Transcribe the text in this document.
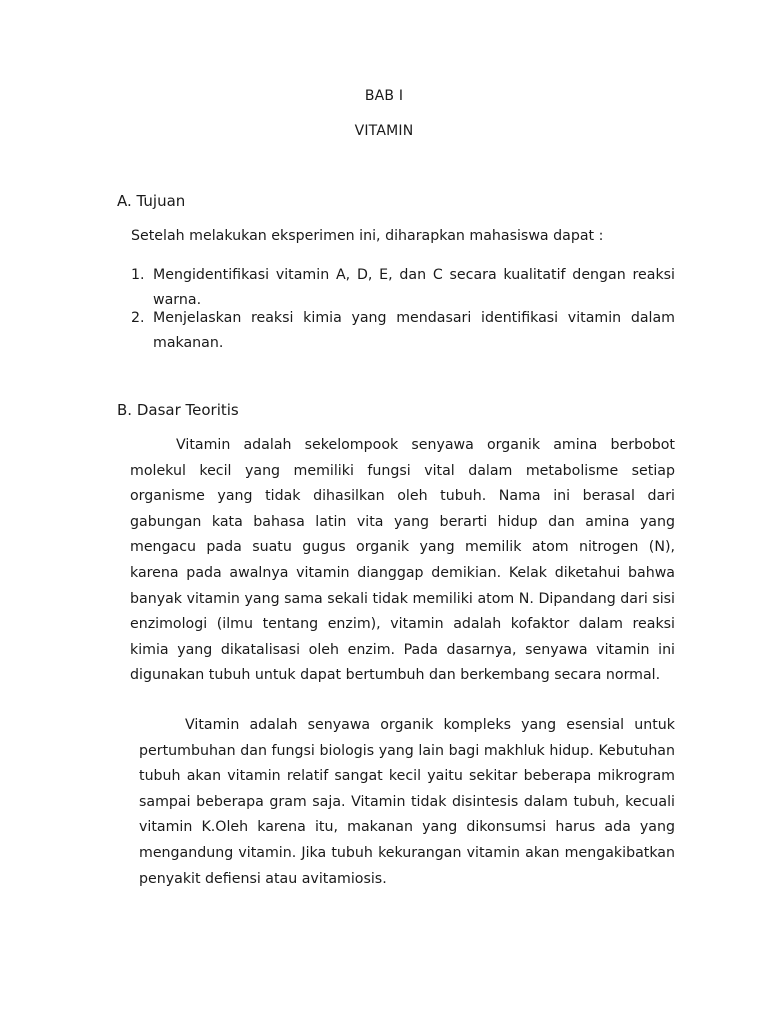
BAB I
VITAMIN
A. Tujuan
Setelah melakukan eksperimen ini, diharapkan mahasiswa dapat :
1. Mengidentifikasi vitamin A, D, E, dan C secara kualitatif dengan reaksi warna.
2. Menjelaskan reaksi kimia yang mendasari identifikasi vitamin dalam makanan.
B. Dasar Teoritis

Vitamin adalah sekelompook senyawa organik amina berbobot molekul kecil yang memiliki fungsi vital dalam metabolisme setiap organisme yang tidak dihasilkan oleh tubuh. Nama ini berasal dari gabungan kata bahasa latin vita yang berarti hidup dan amina yang mengacu pada suatu gugus organik yang memilik atom nitrogen (N), karena pada awalnya vitamin dianggap demikian. Kelak diketahui bahwa banyak vitamin yang sama sekali tidak memiliki atom N. Dipandang dari sisi enzimologi (ilmu tentang enzim), vitamin adalah kofaktor dalam reaksi kimia yang dikatalisasi oleh enzim. Pada dasarnya, senyawa vitamin ini digunakan tubuh untuk dapat bertumbuh dan berkembang secara normal.

Vitamin adalah senyawa organik kompleks yang esensial untuk pertumbuhan dan fungsi biologis yang lain bagi makhluk hidup. Kebutuhan tubuh akan vitamin relatif sangat kecil yaitu sekitar beberapa mikrogram sampai beberapa gram saja. Vitamin tidak disintesis dalam tubuh, kecuali vitamin K.Oleh karena itu, makanan yang dikonsumsi harus ada yang mengandung vitamin. Jika tubuh kekurangan vitamin akan mengakibatkan penyakit defiensi atau avitamiosis.
